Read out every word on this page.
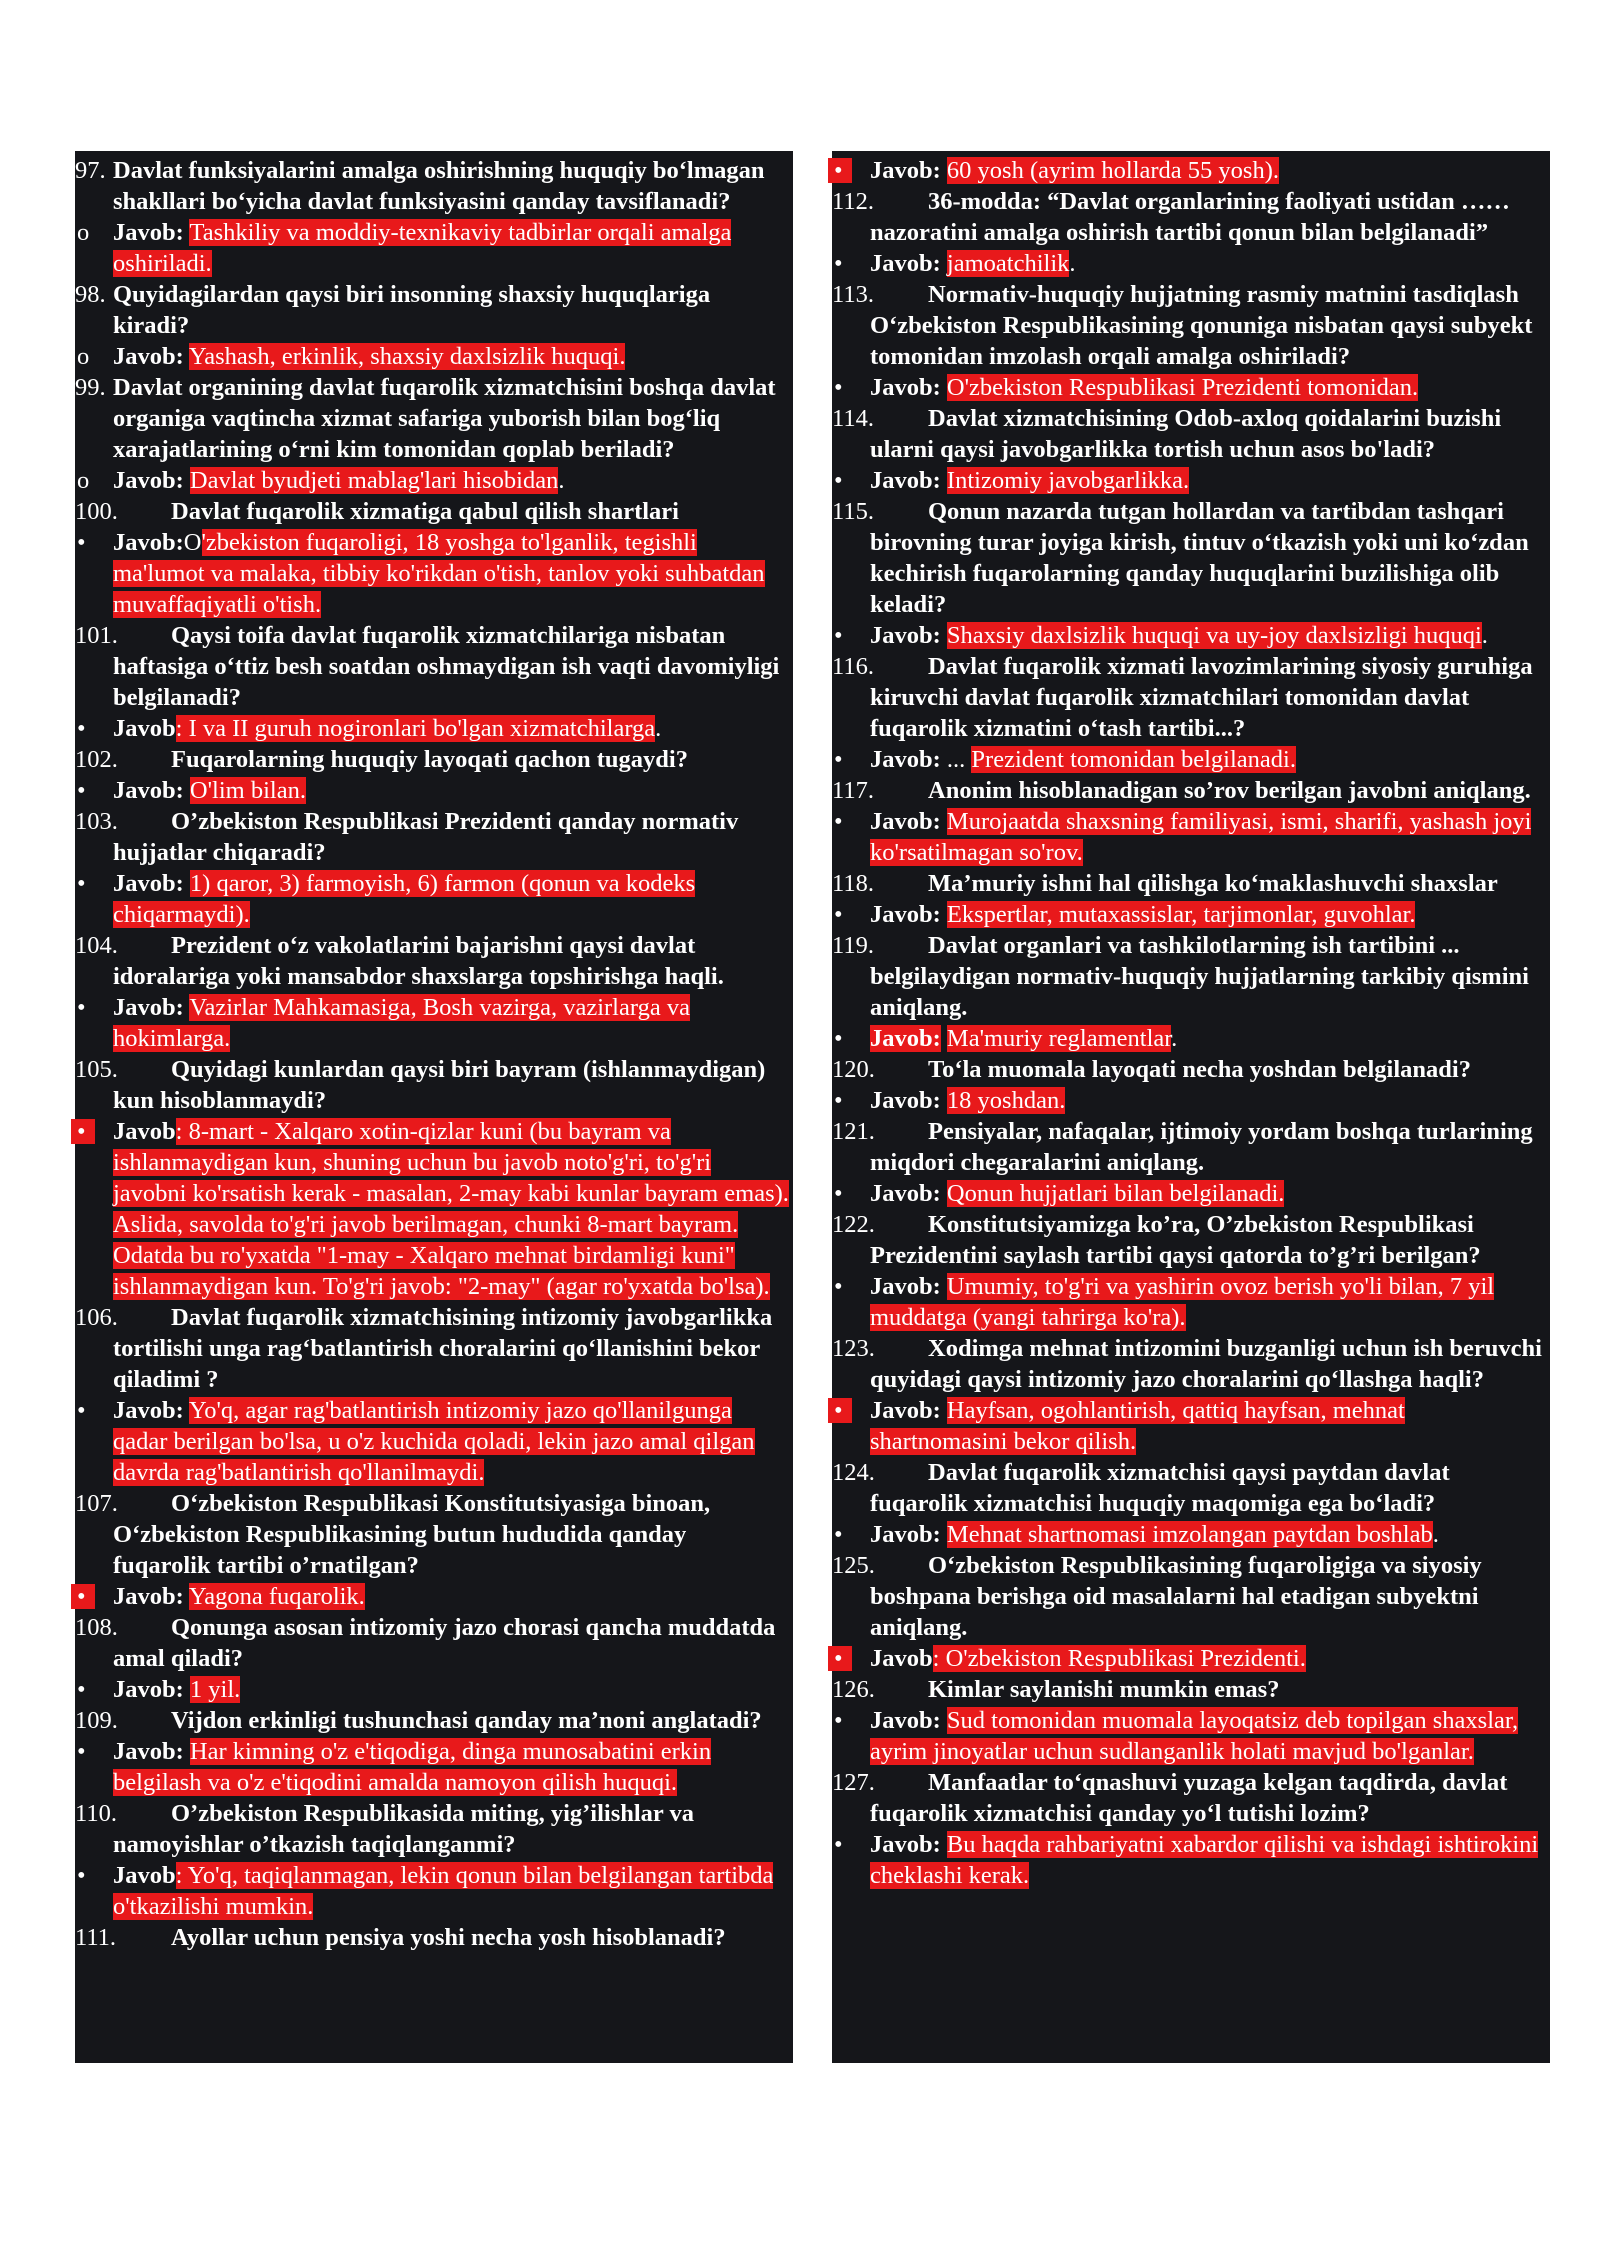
97. Davlat funksiyalarini amalga oshirishning huquqiy bo‘lmagan shakllari bo‘yicha davlat funksiyasini qanday tavsiflanadi?
o
Javob: Tashkiliy va moddiy-texnikaviy tadbirlar orqali amalga oshiriladi.
98. Quyidagilardan qaysi biri insonning shaxsiy huquqlariga kiradi?
o
Javob: Yashash, erkinlik, shaxsiy daxlsizlik huquqi.
99. Davlat organining davlat fuqarolik xizmatchisini boshqa davlat organiga vaqtincha xizmat safariga yuborish bilan bog‘liq xarajatlarining o‘rni kim tomonidan qoplab beriladi?
o
Javob: Davlat byudjeti mablag'lari hisobidan.
100.	Davlat fuqarolik xizmatiga qabul qilish shartlari
•
Javob:O'zbekiston fuqaroligi, 18 yoshga to'lganlik, tegishli ma'lumot va malaka, tibbiy ko'rikdan o'tish, tanlov yoki suhbatdan muvaffaqiyatli o'tish.
101.	Qaysi toifa davlat fuqarolik xizmatchilariga nisbatan haftasiga o‘ttiz besh soatdan oshmaydigan ish vaqti davomiyligi belgilanadi?
•
Javob: I va II guruh nogironlari bo'lgan xizmatchilarga.
102.	Fuqarolarning huquqiy layoqati qachon tugaydi?
•
Javob: O'lim bilan.
103.	O’zbekiston Respublikasi Prezidenti qanday normativ hujjatlar chiqaradi?
•
Javob: 1) qaror, 3) farmoyish, 6) farmon (qonun va kodeks chiqarmaydi).
104.	Prezident o‘z vakolatlarini bajarishni qaysi davlat idoralariga yoki mansabdor shaxslarga topshirishga haqli.
•
Javob: Vazirlar Mahkamasiga, Bosh vazirga, vazirlarga va hokimlarga.
105.	Quyidagi kunlardan qaysi biri bayram (ishlanmaydigan) kun hisoblanmaydi?
•
Javob: 8-mart - Xalqaro xotin-qizlar kuni (bu bayram va ishlanmaydigan kun, shuning uchun bu javob noto'g'ri, to'g'ri javobni ko'rsatish kerak - masalan, 2-may kabi kunlar bayram emas). Aslida, savolda to'g'ri javob berilmagan, chunki 8-mart bayram. Odatda bu ro'yxatda "1-may - Xalqaro mehnat birdamligi kuni" ishlanmaydigan kun. To'g'ri javob: "2-may" (agar ro'yxatda bo'lsa).
106.	Davlat fuqarolik xizmatchisining intizomiy javobgarlikka tortilishi unga rag‘batlantirish choralarini qo‘llanishini bekor qiladimi ?
•
Javob: Yo'q, agar rag'batlantirish intizomiy jazo qo'llanilgunga qadar berilgan bo'lsa, u o'z kuchida qoladi, lekin jazo amal qilgan davrda rag'batlantirish qo'llanilmaydi.
107.	O‘zbekiston Respublikasi Konstitutsiyasiga binoan, O‘zbekiston Respublikasining butun hududida qanday fuqarolik tartibi o’rnatilgan?
•
Javob: Yagona fuqarolik.
108.	Qonunga asosan intizomiy jazo chorasi qancha muddatda amal qiladi?
•
Javob: 1 yil.
109.	Vijdon erkinligi tushunchasi qanday ma’noni anglatadi?
•
Javob: Har kimning o'z e'tiqodiga, dinga munosabatini erkin belgilash va o'z e'tiqodini amalda namoyon qilish huquqi.
110.	O’zbekiston Respublikasida miting, yig’ilishlar va namoyishlar o’tkazish taqiqlanganmi?
•
Javob: Yo'q, taqiqlanmagan, lekin qonun bilan belgilangan tartibda o'tkazilishi mumkin.
111.	Ayollar uchun pensiya yoshi necha yosh hisoblanadi?
•
Javob: 60 yosh (ayrim hollarda 55 yosh).
112.	36-modda: “Davlat organlarining faoliyati ustidan …… nazoratini amalga oshirish tartibi qonun bilan belgilanadi”
•
Javob: jamoatchilik.
113.	Normativ-huquqiy hujjatning rasmiy matnini tasdiqlash O‘zbekiston Respublikasining qonuniga nisbatan qaysi subyekt tomonidan imzolash orqali amalga oshiriladi?
•
Javob: O'zbekiston Respublikasi Prezidenti tomonidan.
114.	Davlat xizmatchisining Odob-axloq qoidalarini buzishi ularni qaysi javobgarlikka tortish uchun asos bo'ladi?
•
Javob: Intizomiy javobgarlikka.
115.	Qonun nazarda tutgan hollardan va tartibdan tashqari birovning turar joyiga kirish, tintuv o‘tkazish yoki uni ko‘zdan kechirish fuqarolarning qanday huquqlarini buzilishiga olib keladi?
•
Javob: Shaxsiy daxlsizlik huquqi va uy-joy daxlsizligi huquqi.
116.	Davlat fuqarolik xizmati lavozimlarining siyosiy guruhiga kiruvchi davlat fuqarolik xizmatchilari tomonidan davlat fuqarolik xizmatini o‘tash tartibi...?
•
Javob: ... Prezident tomonidan belgilanadi.
117.	Anonim hisoblanadigan so’rov berilgan javobni aniqlang.
•
Javob: Murojaatda shaxsning familiyasi, ismi, sharifi, yashash joyi ko'rsatilmagan so'rov.
118.	Ma’muriy ishni hal qilishga ko‘maklashuvchi shaxslar
•
Javob: Ekspertlar, mutaxassislar, tarjimonlar, guvohlar.
119.	Davlat organlari va tashkilotlarning ish tartibini ... belgilaydigan normativ-huquqiy hujjatlarning tarkibiy qismini aniqlang.
•
Javob: Ma'muriy reglamentlar.
120.	To‘la muomala layoqati necha yoshdan belgilanadi?
•
Javob: 18 yoshdan.
121.	Pensiyalar, nafaqalar, ijtimoiy yordam boshqa turlarining miqdori chegaralarini aniqlang.
•
Javob: Qonun hujjatlari bilan belgilanadi.
122.	Konstitutsiyamizga ko’ra, O’zbekiston Respublikasi Prezidentini saylash tartibi qaysi qatorda to’g’ri berilgan?
•
Javob: Umumiy, to'g'ri va yashirin ovoz berish yo'li bilan, 7 yil muddatga (yangi tahrirga ko'ra).
123.	Xodimga mehnat intizomini buzganligi uchun ish beruvchi quyidagi qaysi intizomiy jazo choralarini qo‘llashga haqli?
•
Javob: Hayfsan, ogohlantirish, qattiq hayfsan, mehnat shartnomasini bekor qilish.
124.	Davlat fuqarolik xizmatchisi qaysi paytdan davlat fuqarolik xizmatchisi huquqiy maqomiga ega bo‘ladi?
•
Javob: Mehnat shartnomasi imzolangan paytdan boshlab.
125.	O‘zbekiston Respublikasining fuqaroligiga va siyosiy boshpana berishga oid masalalarni hal etadigan subyektni aniqlang.
•
Javob: O'zbekiston Respublikasi Prezidenti.
126.	Kimlar saylanishi mumkin emas?
•
Javob: Sud tomonidan muomala layoqatsiz deb topilgan shaxslar, ayrim jinoyatlar uchun sudlanganlik holati mavjud bo'lganlar.
127.	Manfaatlar to‘qnashuvi yuzaga kelgan taqdirda, davlat fuqarolik xizmatchisi qanday yo‘l tutishi lozim?
•
Javob: Bu haqda rahbariyatni xabardor qilishi va ishdagi ishtirokini cheklashi kerak.
